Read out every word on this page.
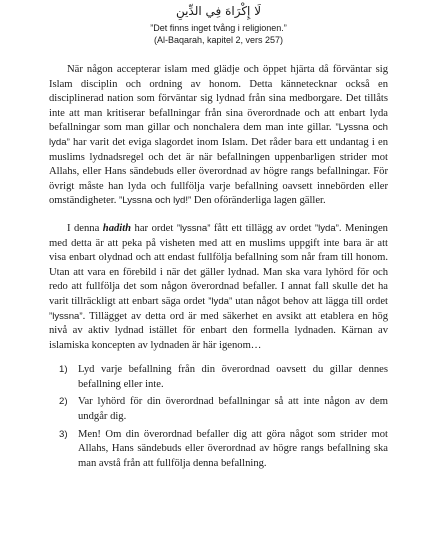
لَا إِكْرَاهَ فِي الدِّينِ

”Det finns inget tvång i religionen.”

(Al-Baqarah, kapitel 2, vers 257)

När någon accepterar islam med glädje och öppet hjärta då förväntar sig Islam disciplin och ordning av honom. Detta kännetecknar också en disciplinerad nation som förväntar sig lydnad från sina medborgare. Det tillåts inte att man kritiserar befallningar från sina överordnade och att enbart lyda befallningar som man gillar och nonchalera dem man inte gillar. ”Lyssna och lyda” har varit det eviga slagordet inom Islam. Det råder bara ett undantag i en muslims lydnadsregel och det är när befallningen uppenbarligen strider mot Allahs, eller Hans sändebuds eller överordnad av högre rangs befallningar. För övrigt måste han lyda och fullfölja varje befallning oavsett innebörden eller omständigheter. ”Lyssna och lyd!” Den oföränderliga lagen gäller.

I denna hadith har ordet ”lyssna” fått ett tillägg av ordet ”lyda”. Meningen med detta är att peka på visheten med att en muslims uppgift inte bara är att visa enbart olydnad och att endast fullfölja befallning som når fram till honom. Utan att vara en förebild i när det gäller lydnad. Man ska vara lyhörd för och redo att fullfölja det som någon överordnad befaller. I annat fall skulle det ha varit tillräckligt att enbart säga ordet ”lyda” utan något behov att lägga till ordet ”lyssna”. Tillägget av detta ord är med säkerhet en avsikt att etablera en hög nivå av aktiv lydnad istället för enbart den formella lydnaden. Kärnan av islamiska koncepten av lydnaden är här igenom…

1) Lyd varje befallning från din överordnad oavsett du gillar dennes befallning eller inte.
2) Var lyhörd för din överordnad befallningar så att inte någon av dem undgår dig.
3) Men! Om din överordnad befaller dig att göra något som strider mot Allahs, Hans sändebuds eller överordnad av högre rangs befallning ska man avstå från att fullfölja denna befallning.
